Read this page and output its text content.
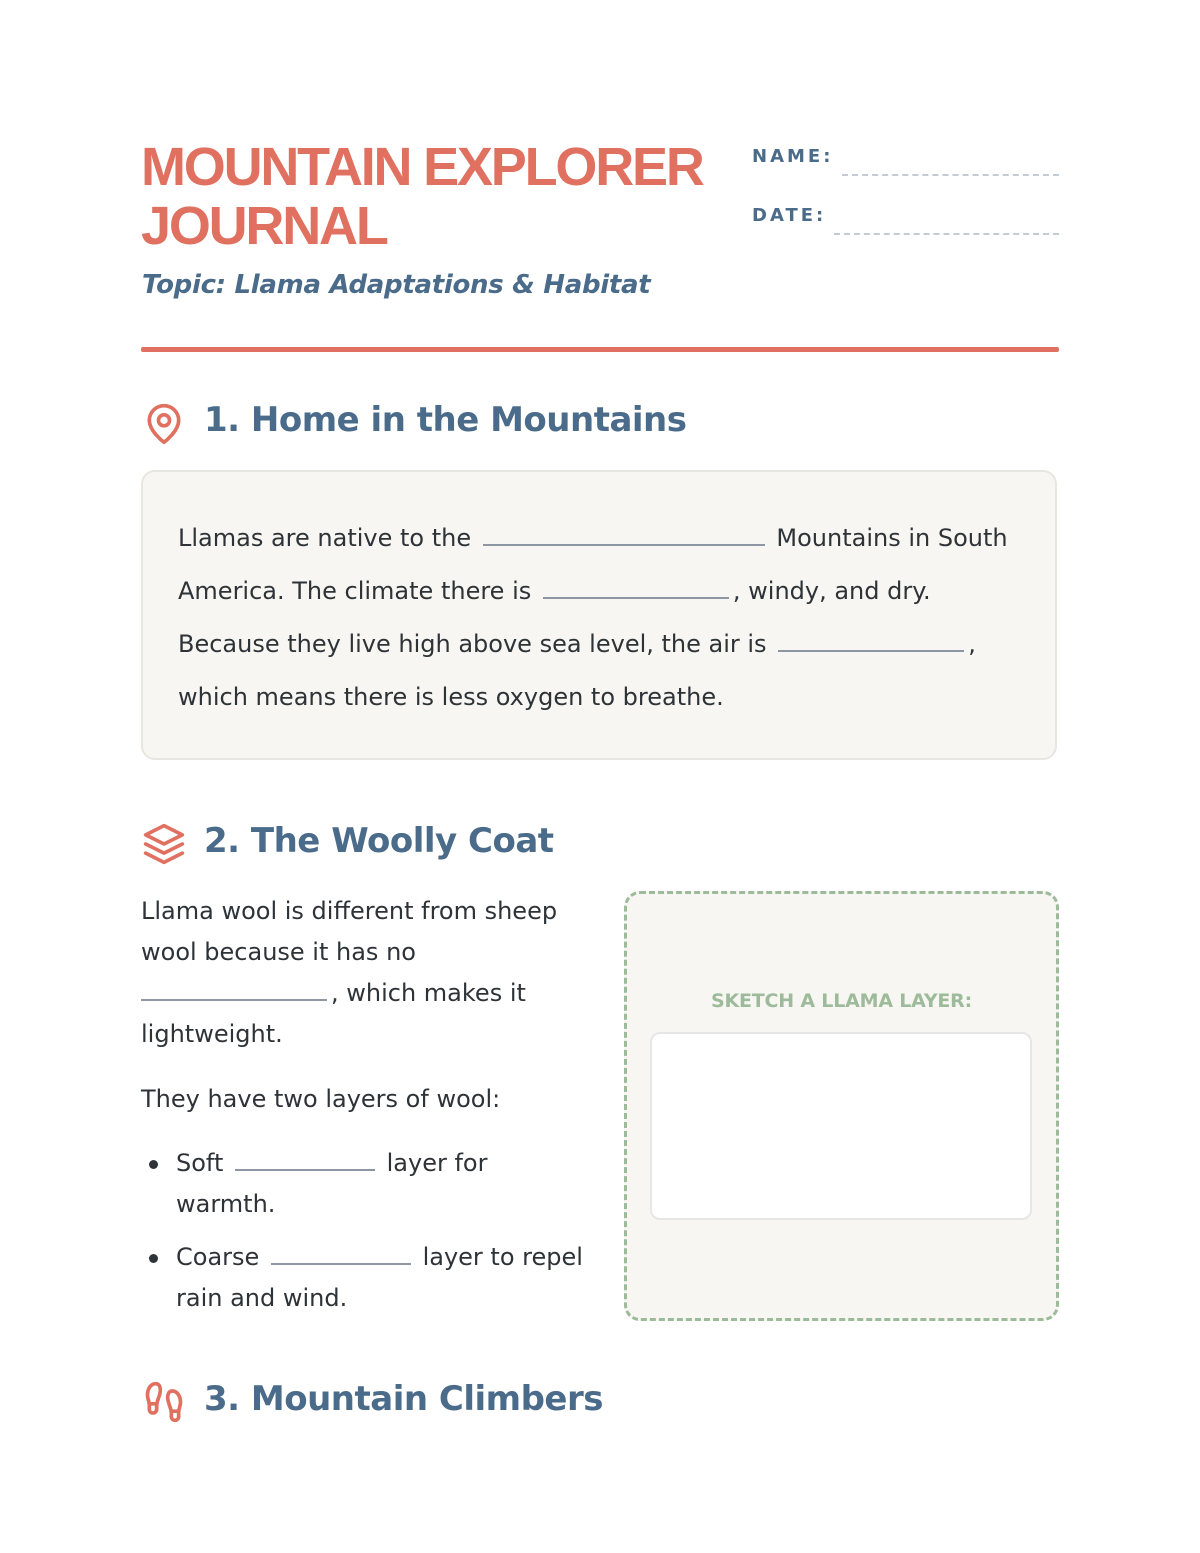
MOUNTAIN EXPLORER
JOURNAL
Topic: Llama Adaptations & Habitat
NAME:
DATE:
1. Home in the Mountains

Llamas are native to the	Mountains in South America. The climate there is	, windy, and dry. Because they live high above sea level, the air is	, which means there is less oxygen to breathe.

2. The Woolly Coat

Llama wool is different from sheep wool because it has no , which makes it lightweight.

They have two layers of wool:

Soft	layer for warmth.
Coarse	layer to repel rain and wind.
SKETCH A LLAMA LAYER:
3. Mountain Climbers
